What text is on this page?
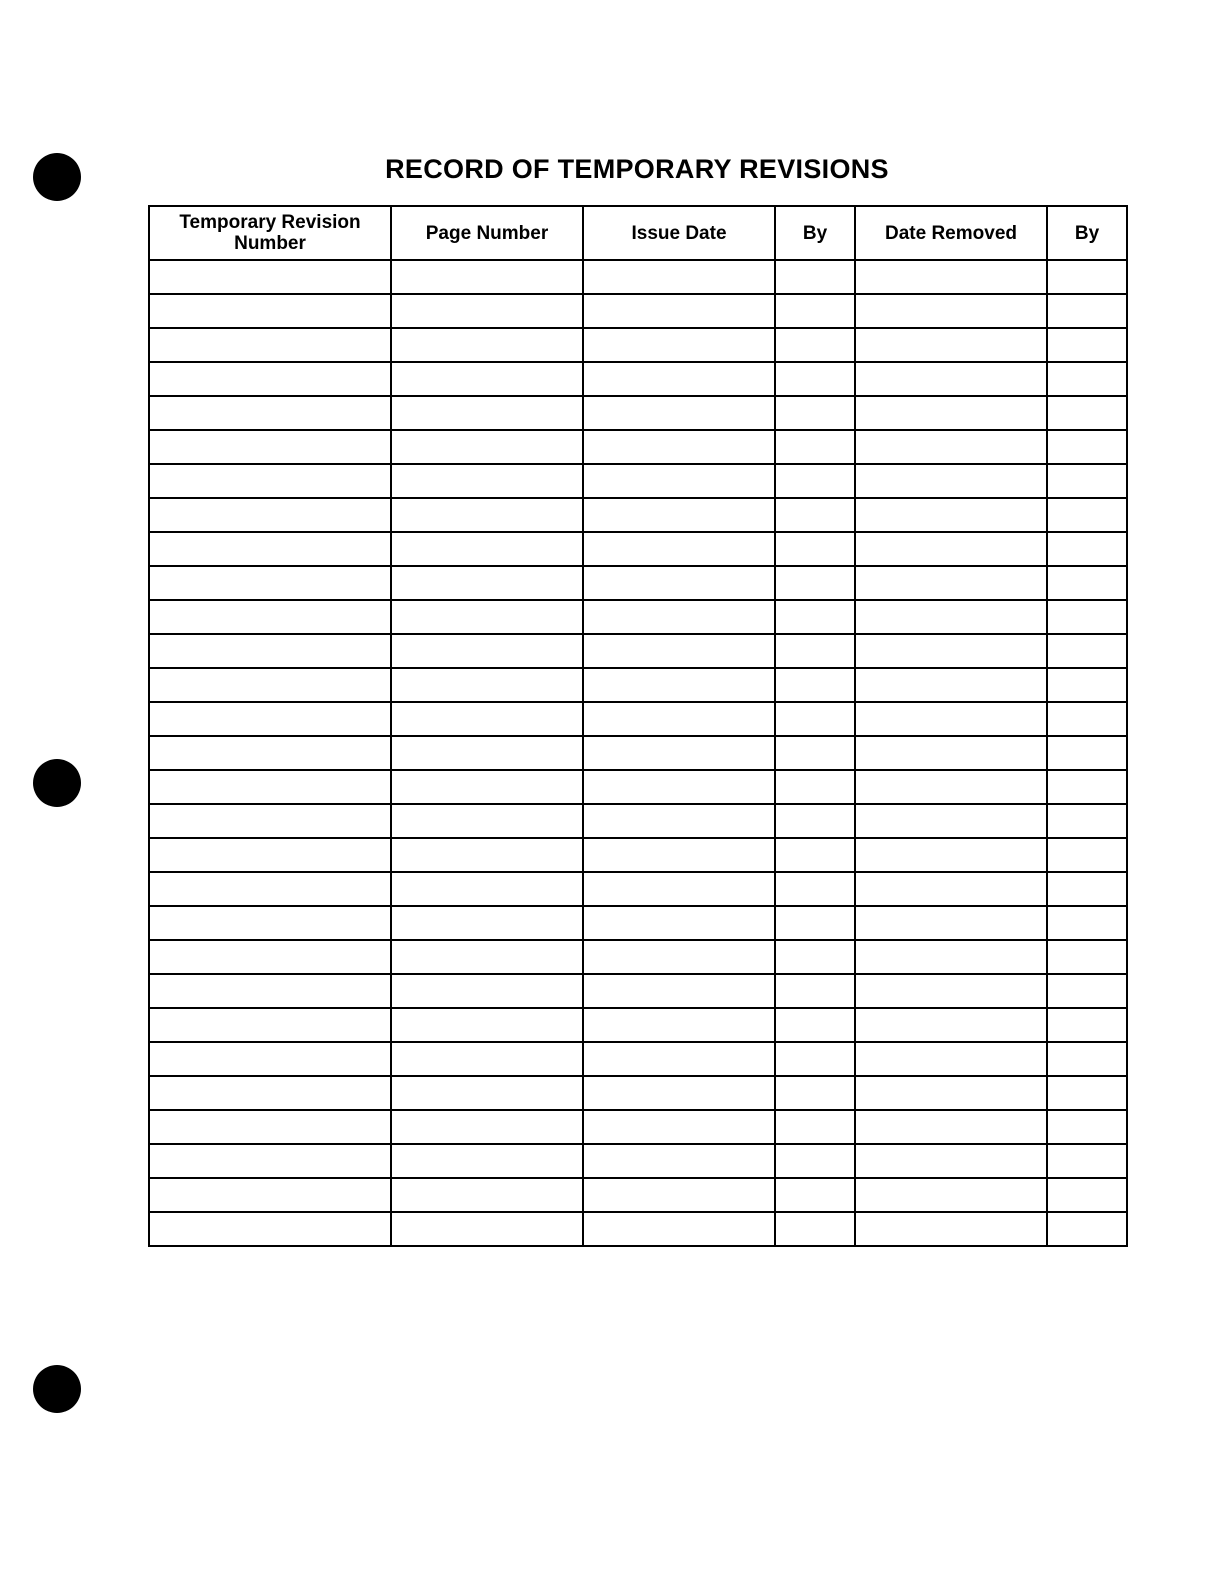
RECORD OF TEMPORARY REVISIONS
Temporary Revision Number	Page Number	Issue Date	By	Date Removed	By
